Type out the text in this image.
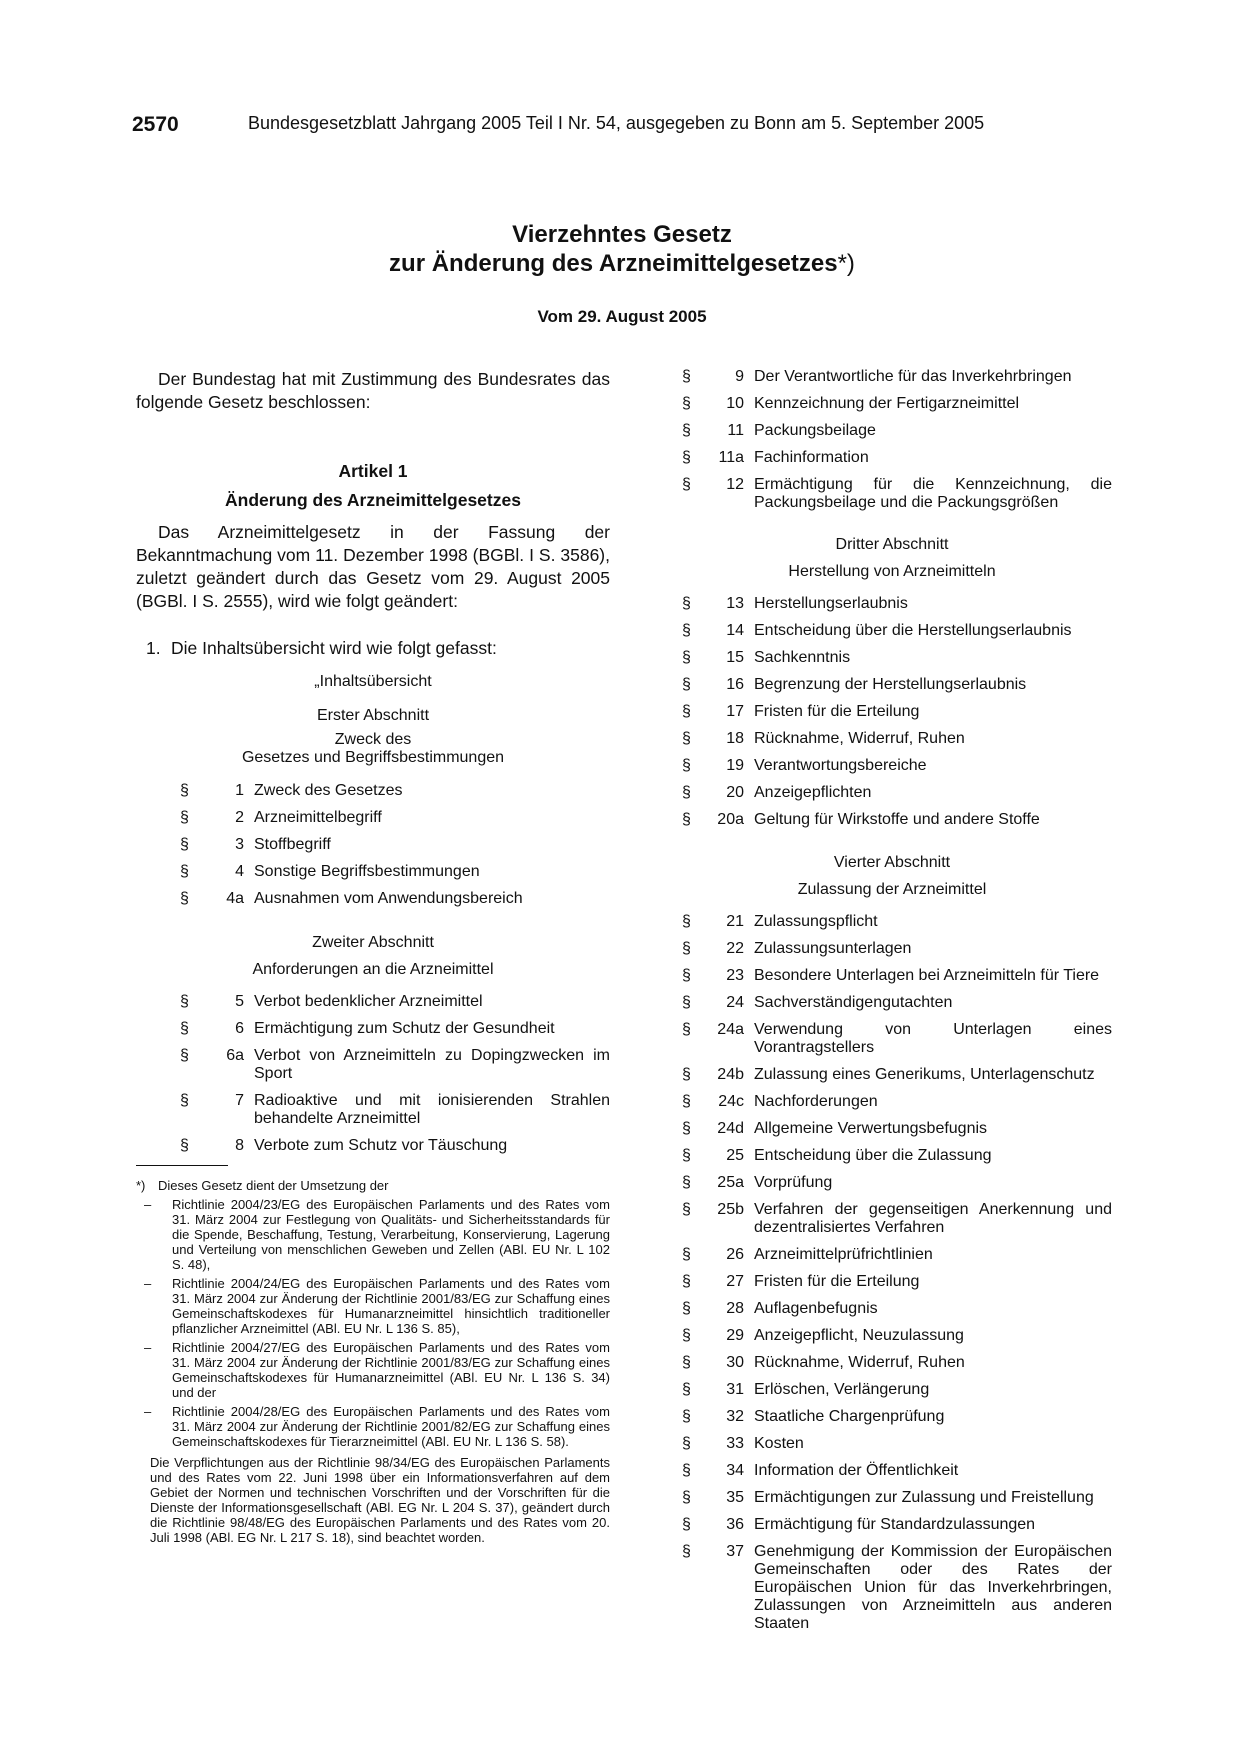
2570	Bundesgesetzblatt Jahrgang 2005 Teil I Nr. 54, ausgegeben zu Bonn am 5. September 2005
Vierzehntes Gesetz
zur Änderung des Arzneimittelgesetzes*)
Vom 29. August 2005

Der Bundestag hat mit Zustimmung des Bundesrates das folgende Gesetz beschlossen:

Artikel 1
Änderung des Arzneimittelgesetzes

Das Arzneimittelgesetz in der Fassung der Bekanntmachung vom 11. Dezember 1998 (BGBl. I S. 3586), zuletzt geändert durch das Gesetz vom 29. August 2005 (BGBl. I S. 2555), wird wie folgt geändert:

1. Die Inhaltsübersicht wird wie folgt gefasst:
„Inhaltsübersicht
Erster Abschnitt
Zweck des
Gesetzes und Begriffsbestimmungen
§	1 Zweck des Gesetzes
§	2 Arzneimittelbegriff
§	3 Stoffbegriff
§	4 Sonstige Begriffsbestimmungen
§	4a Ausnahmen vom Anwendungsbereich
Zweiter Abschnitt
Anforderungen an die Arzneimittel
§	5 Verbot bedenklicher Arzneimittel
§	6 Ermächtigung zum Schutz der Gesundheit
§	6a Verbot von Arzneimitteln zu Dopingzwecken im Sport
§	7 Radioaktive und mit ionisierenden Strahlen behandelte Arzneimittel
§	8 Verbote zum Schutz vor Täuschung
*) Dieses Gesetz dient der Umsetzung der
–	Richtlinie 2004/23/EG des Europäischen Parlaments und des Rates vom 31. März 2004 zur Festlegung von Qualitäts- und Sicherheitsstandards für die Spende, Beschaffung, Testung, Verarbeitung, Konservierung, Lagerung und Verteilung von menschlichen Geweben und Zellen (ABl. EU Nr. L 102 S. 48),
–	Richtlinie 2004/24/EG des Europäischen Parlaments und des Rates vom 31. März 2004 zur Änderung der Richtlinie 2001/83/EG zur Schaffung eines Gemeinschaftskodexes für Humanarzneimittel hinsichtlich traditioneller pflanzlicher Arzneimittel (ABl. EU Nr. L 136 S. 85),
–	Richtlinie 2004/27/EG des Europäischen Parlaments und des Rates vom 31. März 2004 zur Änderung der Richtlinie 2001/83/EG zur Schaffung eines Gemeinschaftskodexes für Humanarzneimittel (ABl. EU Nr. L 136 S. 34) und der
–	Richtlinie 2004/28/EG des Europäischen Parlaments und des Rates vom 31. März 2004 zur Änderung der Richtlinie 2001/82/EG zur Schaffung eines Gemeinschaftskodexes für Tierarzneimittel (ABl. EU Nr. L 136 S. 58).
Die Verpflichtungen aus der Richtlinie 98/34/EG des Europäischen Parlaments und des Rates vom 22. Juni 1998 über ein Informationsverfahren auf dem Gebiet der Normen und technischen Vorschriften und der Vorschriften für die Dienste der Informationsgesellschaft (ABl. EG Nr. L 204 S. 37), geändert durch die Richtlinie 98/48/EG des Europäischen Parlaments und des Rates vom 20. Juli 1998 (ABl. EG Nr. L 217 S. 18), sind beachtet worden.
§	9 Der Verantwortliche für das Inverkehrbringen
§	10 Kennzeichnung der Fertigarzneimittel
§	11 Packungsbeilage
§	11a Fachinformation
§	12 Ermächtigung für die Kennzeichnung, die Packungsbeilage und die Packungsgrößen
Dritter Abschnitt
Herstellung von Arzneimitteln
§	13 Herstellungserlaubnis
§	14 Entscheidung über die Herstellungserlaubnis
§	15 Sachkenntnis
§	16 Begrenzung der Herstellungserlaubnis
§	17 Fristen für die Erteilung
§	18 Rücknahme, Widerruf, Ruhen
§	19 Verantwortungsbereiche
§	20 Anzeigepflichten
§	20a Geltung für Wirkstoffe und andere Stoffe
Vierter Abschnitt
Zulassung der Arzneimittel
§	21 Zulassungspflicht
§	22 Zulassungsunterlagen
§	23 Besondere Unterlagen bei Arzneimitteln für Tiere
§	24 Sachverständigengutachten
§	24a Verwendung von Unterlagen eines Vorantragstellers
§	24b Zulassung eines Generikums, Unterlagenschutz
§	24c Nachforderungen
§	24d Allgemeine Verwertungsbefugnis
§	25 Entscheidung über die Zulassung
§	25a Vorprüfung
§	25b Verfahren der gegenseitigen Anerkennung und dezentralisiertes Verfahren
§	26 Arzneimittelprüfrichtlinien
§	27 Fristen für die Erteilung
§	28 Auflagenbefugnis
§	29 Anzeigepflicht, Neuzulassung
§	30 Rücknahme, Widerruf, Ruhen
§	31 Erlöschen, Verlängerung
§	32 Staatliche Chargenprüfung
§	33 Kosten
§	34 Information der Öffentlichkeit
§	35 Ermächtigungen zur Zulassung und Freistellung
§	36 Ermächtigung für Standardzulassungen
§	37 Genehmigung der Kommission der Europäischen Gemeinschaften oder des Rates der Europäischen Union für das Inverkehrbringen, Zulassungen von Arzneimitteln aus anderen Staaten
